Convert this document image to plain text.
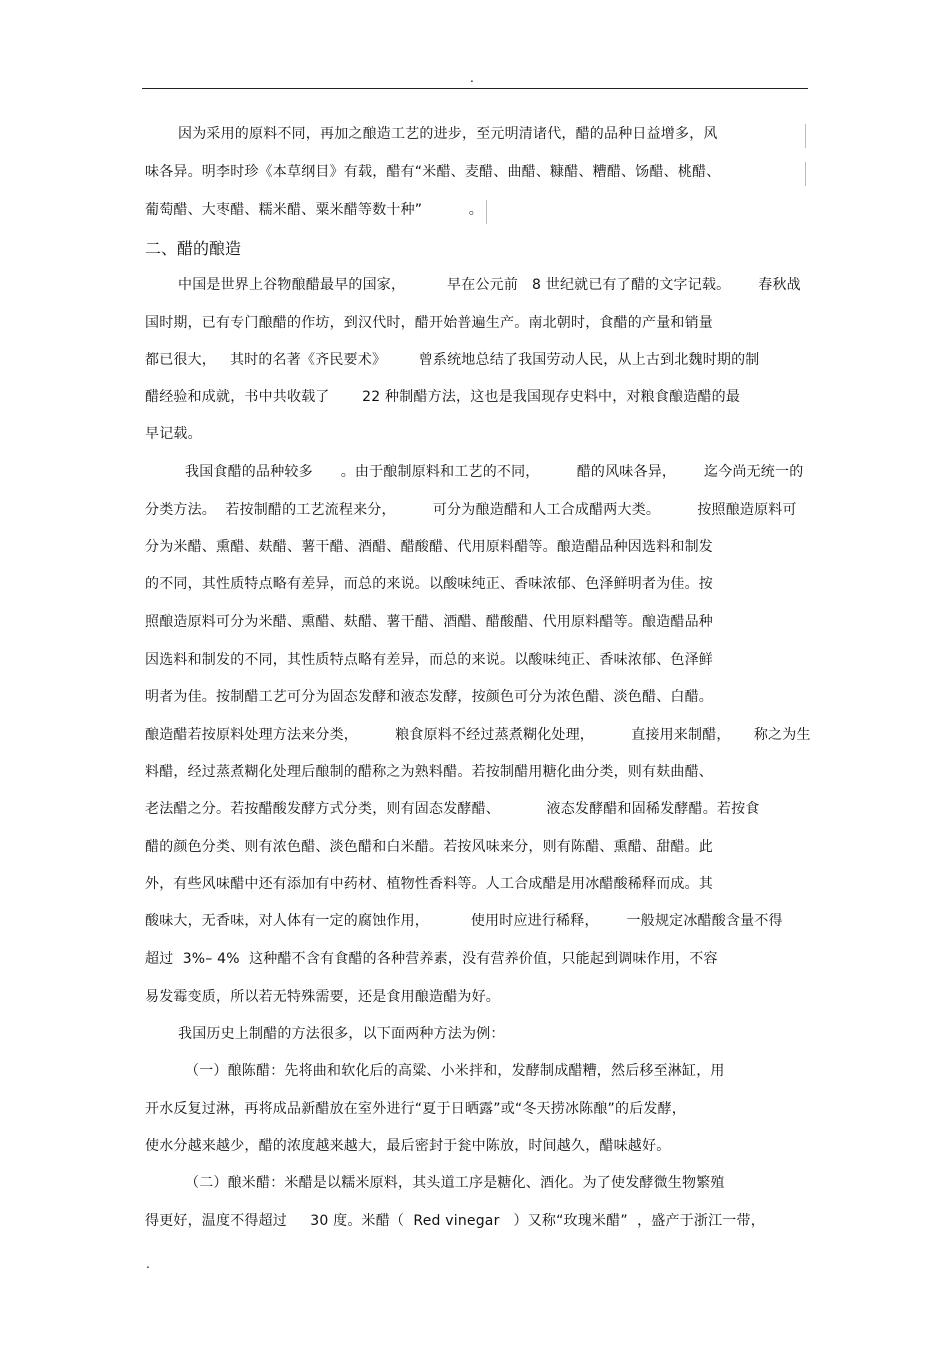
.
因为采用的原料不同，再加之酿造工艺的进步，至元明清诸代，醋的品种日益增多，风
味各异。明李时珍《本草纲目》有载，醋有“米醋、麦醋、曲醋、糠醋、糟醋、饧醋、桃醋、
葡萄醋、大枣醋、糯米醋、粟米醋等数十种”          。
二、醋的酿造
中国是世界上谷物酿醋最早的国家，         早在公元前   8 世纪就已有了醋的文字记载。      春秋战
国时期，已有专门酿醋的作坊，到汉代时，醋开始普遍生产。南北朝时，食醋的产量和销量
都已很大，   其时的名著《齐民要术》       曾系统地总结了我国劳动人民，从上古到北魏时期的制
醋经验和成就，书中共收载了       22 种制醋方法，这也是我国现存史料中，对粮食酿造醋的最
早记载。
我国食醋的品种较多      。由于酿制原料和工艺的不同，        醋的风味各异，      迄今尚无统一的
分类方法。  若按制醋的工艺流程来分，        可分为酿造醋和人工合成醋两大类。        按照酿造原料可
分为米醋、熏醋、麸醋、薯干醋、酒醋、醋酸醋、代用原料醋等。酿造醋品种因选料和制发
的不同，其性质特点略有差异，而总的来说。以酸味纯正、香味浓郁、色泽鲜明者为佳。按
照酿造原料可分为米醋、熏醋、麸醋、薯干醋、酒醋、醋酸醋、代用原料醋等。酿造醋品种
因选料和制发的不同，其性质特点略有差异，而总的来说。以酸味纯正、香味浓郁、色泽鲜
明者为佳。按制醋工艺可分为固态发酵和液态发酵，按颜色可分为浓色醋、淡色醋、白醋。
酿造醋若按原料处理方法来分类，        粮食原料不经过蒸煮糊化处理，        直接用来制醋，     称之为生
料醋，经过蒸煮糊化处理后酿制的醋称之为熟料醋。若按制醋用糖化曲分类，则有麸曲醋、
老法醋之分。若按醋酸发酵方式分类，则有固态发酵醋、          液态发酵醋和固稀发酵醋。若按食
醋的颜色分类、则有浓色醋、淡色醋和白米醋。若按风味来分，则有陈醋、熏醋、甜醋。此
外，有些风味醋中还有添加有中药材、植物性香料等。人工合成醋是用冰醋酸稀释而成。其
酸味大，无香味，对人体有一定的腐蚀作用，         使用时应进行稀释，      一般规定冰醋酸含量不得
超过  3%– 4%  这种醋不含有食醋的各种营养素，没有营养价值，只能起到调味作用，不容
易发霉变质，所以若无特殊需要，还是食用酿造醋为好。
我国历史上制醋的方法很多，以下面两种方法为例：
（一）酿陈醋：先将曲和软化后的高粱、小米拌和，发酵制成醋糟，然后移至淋缸，用
开水反复过淋，再将成品新醋放在室外进行“夏于日晒露”或“冬天捞冰陈酿”的后发酵，
使水分越来越少，醋的浓度越来越大，最后密封于瓮中陈放，时间越久，醋味越好。
（二）酿米醋：米醋是以糯米原料，其头道工序是糖化、酒化。为了使发酵微生物繁殖
得更好，温度不得超过     30 度。米醋（  Red vinegar   ）又称“玫瑰米醋”  ，盛产于浙江一带，
.
